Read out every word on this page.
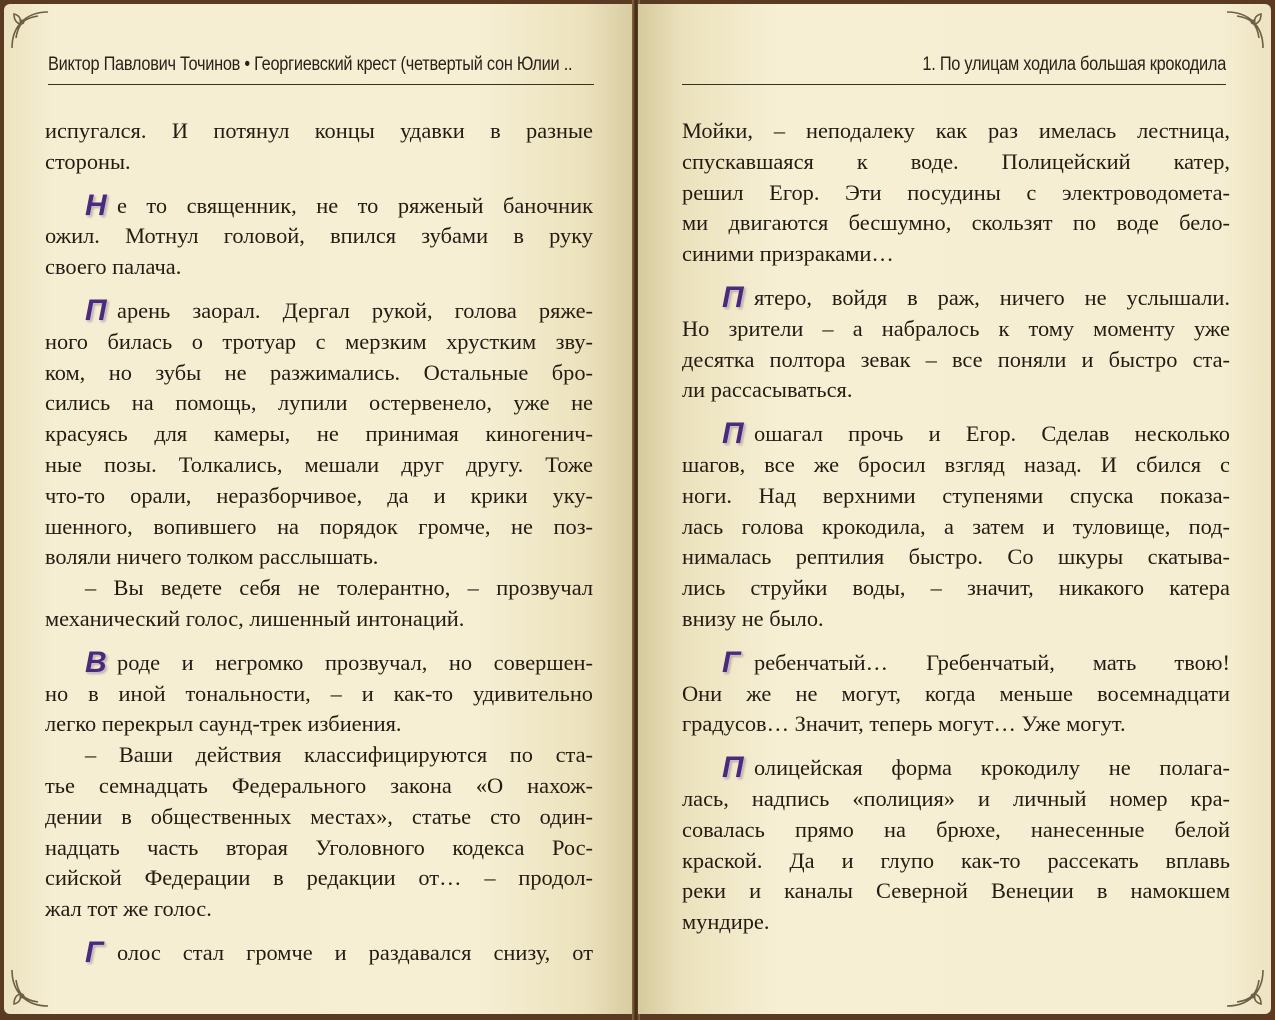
Виктор Павлович Точинов • Георгиевский крест (четвертый сон Юлии ..
испугался. И потянул концы удавки в разные
стороны.
Н е то священник, не то ряженый баночник
ожил. Мотнул головой, впился зубами в руку
своего палача.
П арень заорал. Дергал рукой, голова ряже-
ного билась о тротуар с мерзким хрустким зву-
ком, но зубы не разжимались. Остальные бро-
сились на помощь, лупили остервенело, уже не
красуясь для камеры, не принимая киногенич-
ные позы. Толкались, мешали друг другу. Тоже
что-то орали, неразборчивое, да и крики уку-
шенного, вопившего на порядок громче, не поз-
воляли ничего толком расслышать.
– Вы ведете себя не толерантно, – прозвучал
механический голос, лишенный интонаций.
В роде и негромко прозвучал, но совершен-
но в иной тональности, – и как-то удивительно
легко перекрыл саунд-трек избиения.
– Ваши действия классифицируются по ста-
тье семнадцать Федерального закона «О нахож-
дении в общественных местах», статье сто один-
надцать часть вторая Уголовного кодекса Рос-
сийской Федерации в редакции от… – продол-
жал тот же голос.
Г олос стал громче и раздавался снизу, от
1. По улицам ходила большая крокодила
Мойки, – неподалеку как раз имелась лестница,
спускавшаяся к воде. Полицейский катер,
решил Егор. Эти посудины с электроводомета-
ми двигаются бесшумно, скользят по воде бело-
синими призраками…
П ятеро, войдя в раж, ничего не услышали.
Но зрители – а набралось к тому моменту уже
десятка полтора зевак – все поняли и быстро ста-
ли рассасываться.
П ошагал прочь и Егор. Сделав несколько
шагов, все же бросил взгляд назад. И сбился с
ноги. Над верхними ступенями спуска показа-
лась голова крокодила, а затем и туловище, под-
нималась рептилия быстро. Со шкуры скатыва-
лись струйки воды, – значит, никакого катера
внизу не было.
Г ребенчатый… Гребенчатый, мать твою!
Они же не могут, когда меньше восемнадцати
градусов… Значит, теперь могут… Уже могут.
П олицейская форма крокодилу не полага-
лась, надпись «полиция» и личный номер кра-
совалась прямо на брюхе, нанесенные белой
краской. Да и глупо как-то рассекать вплавь
реки и каналы Северной Венеции в намокшем
мундире.
